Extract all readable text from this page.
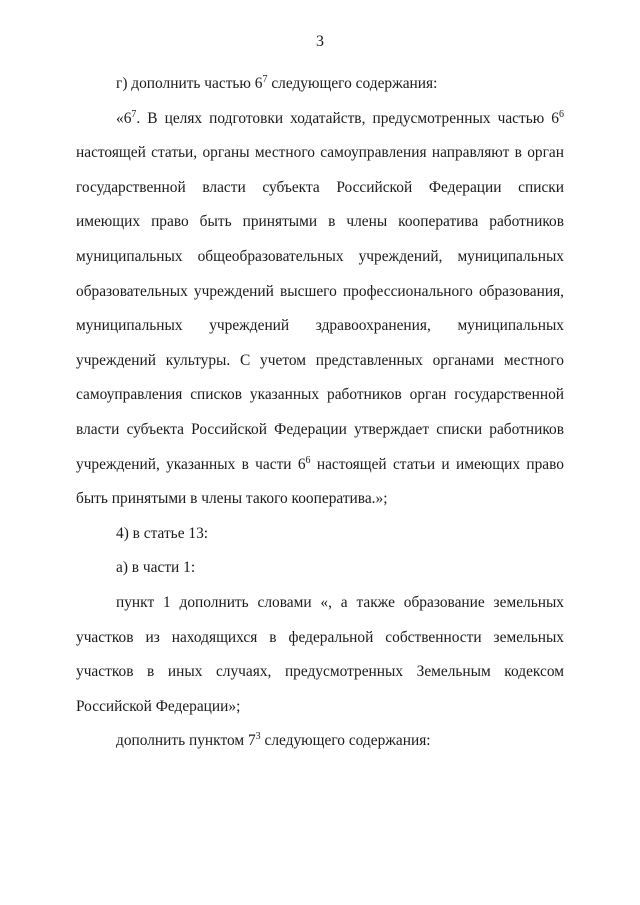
3

г) дополнить частью $6^7$ следующего содержания:

«$6^7$. В целях подготовки ходатайств, предусмотренных частью $6^6$ настоящей статьи, органы местного самоуправления направляют в орган государственной власти субъекта Российской Федерации списки имеющих право быть принятыми в члены кооператива работников муниципальных общеобразовательных учреждений, муниципальных образовательных учреждений высшего профессионального образования, муниципальных учреждений здравоохранения, муниципальных учреждений культуры. С учетом представленных органами местного самоуправления списков указанных работников орган государственной власти субъекта Российской Федерации утверждает списки работников учреждений, указанных в части $6^6$ настоящей статьи и имеющих право быть принятыми в члены такого кооператива.»;

4) в статье 13:

а) в части 1:

пункт 1 дополнить словами «, а также образование земельных участков из находящихся в федеральной собственности земельных участков в иных случаях, предусмотренных Земельным кодексом Российской Федерации»;

дополнить пунктом $7^3$ следующего содержания:
